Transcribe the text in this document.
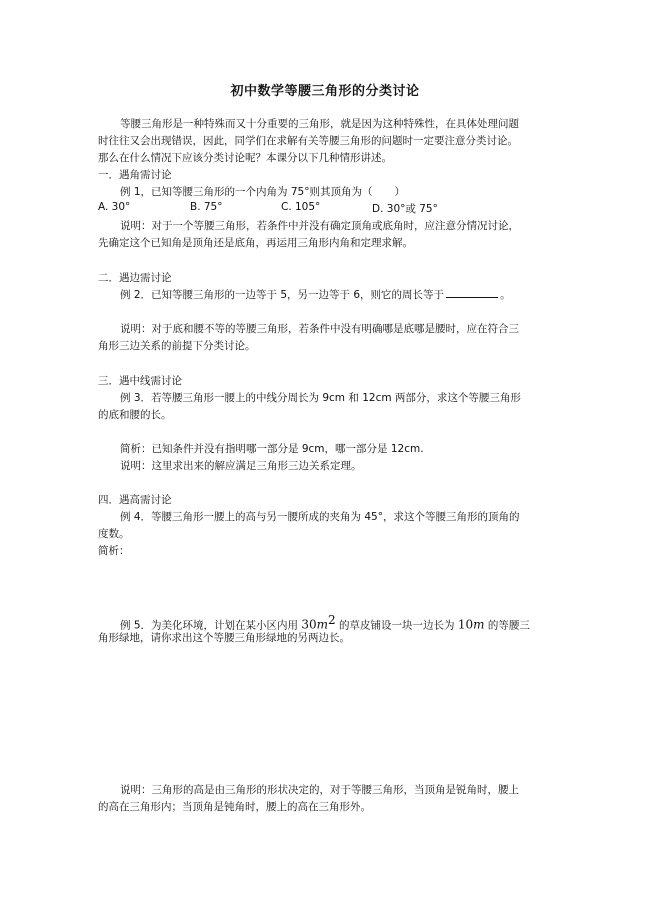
初中数学等腰三角形的分类讨论
等腰三角形是一种特殊而又十分重要的三角形，就是因为这种特殊性，在具体处理问题
时往往又会出现错误，因此，同学们在求解有关等腰三角形的问题时一定要注意分类讨论。
那么在什么情况下应该分类讨论呢？本课分以下几种情形讲述。
一．遇角需讨论
例 1，已知等腰三角形的一个内角为 75°则其顶角为（ ）
A. 30°	B. 75°	C. 105°	D. 30°或 75°
说明：对于一个等腰三角形，若条件中并没有确定顶角或底角时，应注意分情况讨论，
先确定这个已知角是顶角还是底角，再运用三角形内角和定理求解。
二．遇边需讨论
例 2．已知等腰三角形的一边等于 5，另一边等于 6，则它的周长等于	。
说明：对于底和腰不等的等腰三角形，若条件中没有明确哪是底哪是腰时，应在符合三
角形三边关系的前提下分类讨论。
三．遇中线需讨论
例 3．若等腰三角形一腰上的中线分周长为 9cm 和 12cm 两部分，求这个等腰三角形
的底和腰的长。
简析：已知条件并没有指明哪一部分是 9cm，哪一部分是 12cm.
说明：这里求出来的解应满足三角形三边关系定理。
四．遇高需讨论
例 4．等腰三角形一腰上的高与另一腰所成的夹角为 45°，求这个等腰三角形的顶角的
度数。
简析：
例 5．为美化环境，计划在某小区内用 $30m^2$ 的草皮铺设一块一边长为 10m 的等腰三
角形绿地，请你求出这个等腰三角形绿地的另两边长。
说明：三角形的高是由三角形的形状决定的，对于等腰三角形，当顶角是锐角时，腰上
的高在三角形内；当顶角是钝角时，腰上的高在三角形外。
